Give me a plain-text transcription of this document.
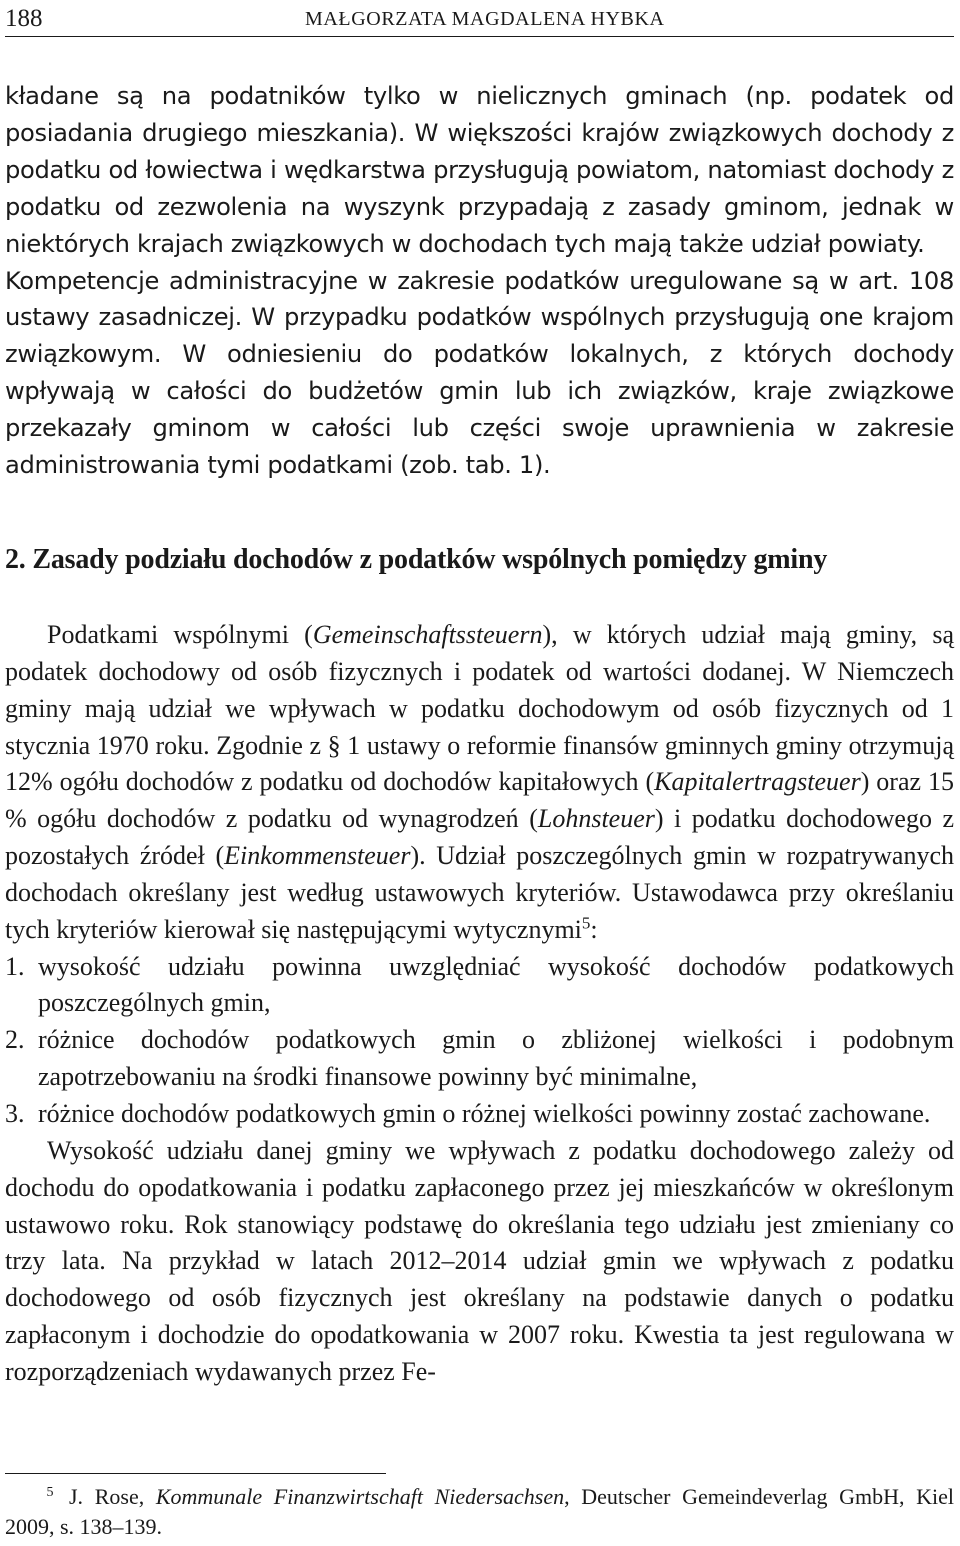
188	MAŁGORZATA MAGDALENA HYBKA

kładane są na podatników tylko w nielicznych gminach (np. podatek od posiadania drugiego mieszkania). W większości krajów związkowych dochody z podatku od łowiectwa i wędkarstwa przysługują powiatom, natomiast dochody z podatku od zezwolenia na wyszynk przypadają z zasady gminom, jednak w niektórych krajach związkowych w dochodach tych mają także udział powiaty.

Kompetencje administracyjne w zakresie podatków uregulowane są w art. 108 ustawy zasadniczej. W przypadku podatków wspólnych przysługują one krajom związkowym. W odniesieniu do podatków lokalnych, z których dochody wpływają w całości do budżetów gmin lub ich związków, kraje związkowe przekazały gminom w całości lub części swoje uprawnienia w zakresie administrowania tymi podatkami (zob. tab. 1).

2. Zasady podziału dochodów z podatków wspólnych pomiędzy gminy

Podatkami wspólnymi (Gemeinschaftssteuern), w których udział mają gminy, są podatek dochodowy od osób fizycznych i podatek od wartości dodanej. W Niemczech gminy mają udział we wpływach w podatku dochodowym od osób fizycznych od 1 stycznia 1970 roku. Zgodnie z § 1 ustawy o reformie finansów gminnych gminy otrzymują 12% ogółu dochodów z podatku od dochodów kapitałowych (Kapitalertragsteuer) oraz 15 % ogółu dochodów z podatku od wynagrodzeń (Lohnsteuer) i podatku dochodowego z pozostałych źródeł (Einkommensteuer). Udział poszczególnych gmin w rozpatrywanych dochodach określany jest według ustawowych kryteriów. Ustawodawca przy określaniu tych kryteriów kierował się następującymi wytycznymi$^5$:

1. wysokość udziału powinna uwzględniać wysokość dochodów podatkowych poszczególnych gmin,
2. różnice dochodów podatkowych gmin o zbliżonej wielkości i podobnym zapotrzebowaniu na środki finansowe powinny być minimalne,
3. różnice dochodów podatkowych gmin o różnej wielkości powinny zostać zachowane.

Wysokość udziału danej gminy we wpływach z podatku dochodowego zależy od dochodu do opodatkowania i podatku zapłaconego przez jej mieszkańców w określonym ustawowo roku. Rok stanowiący podstawę do określania tego udziału jest zmieniany co trzy lata. Na przykład w latach 2012–2014 udział gmin we wpływach z podatku dochodowego od osób fizycznych jest określany na podstawie danych o podatku zapłaconym i dochodzie do opodatkowania w 2007 roku. Kwestia ta jest regulowana w rozporządzeniach wydawanych przez Fe-

5 J. Rose, Kommunale Finanzwirtschaft Niedersachsen, Deutscher Gemeindeverlag GmbH, Kiel 2009, s. 138–139.
